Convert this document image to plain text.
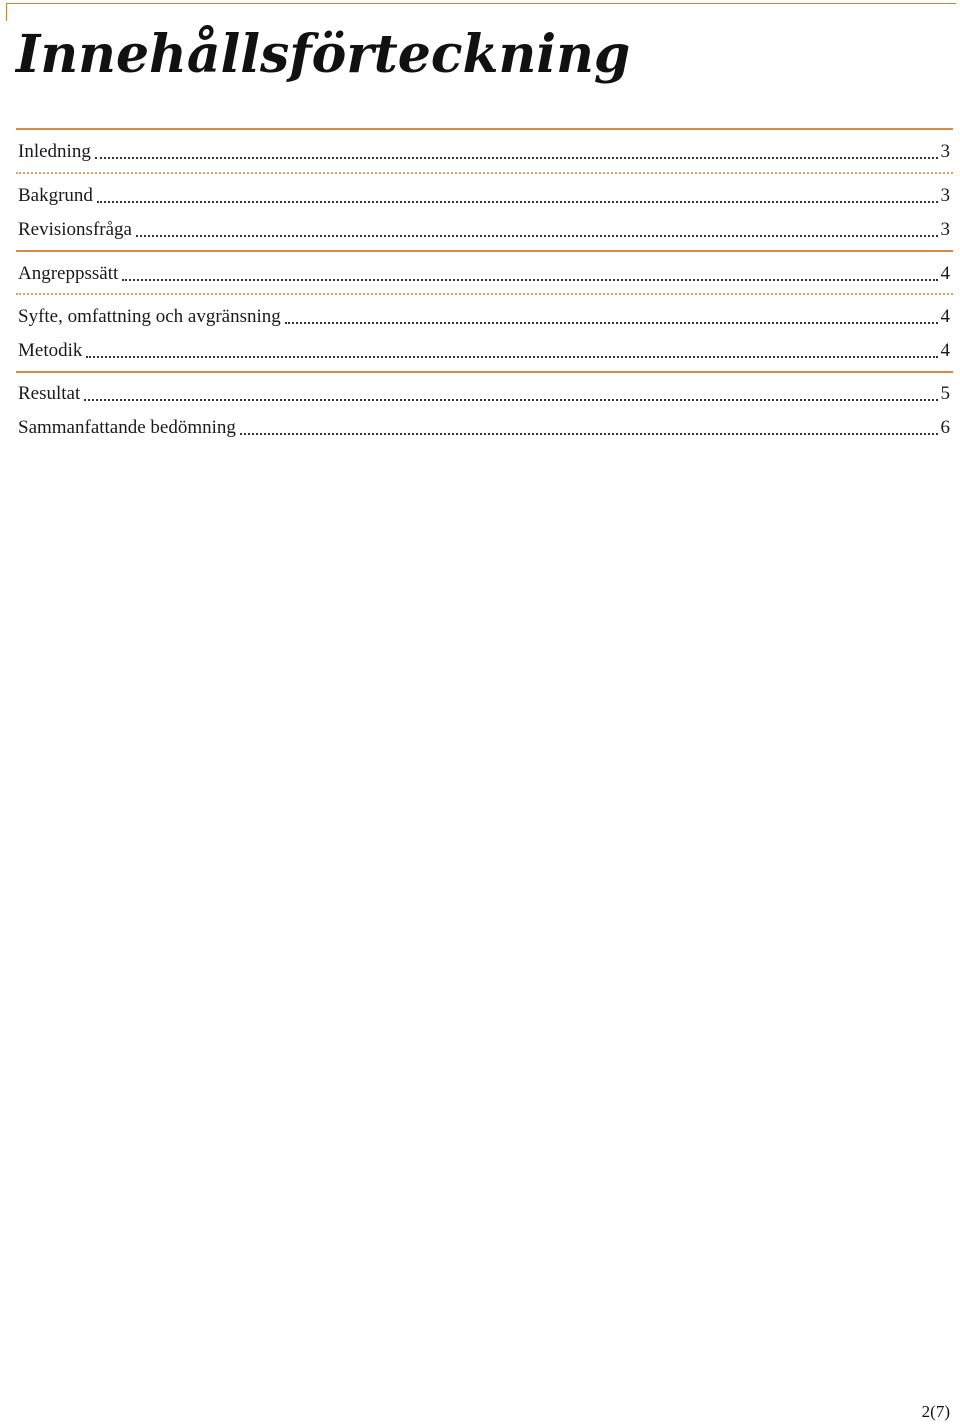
Innehållsförteckning
Inledning	3
Bakgrund	3
Revisionsfråga	3
Angreppssätt	4
Syfte, omfattning och avgränsning	4
Metodik	4
Resultat	5
Sammanfattande bedömning	6
2(7)
